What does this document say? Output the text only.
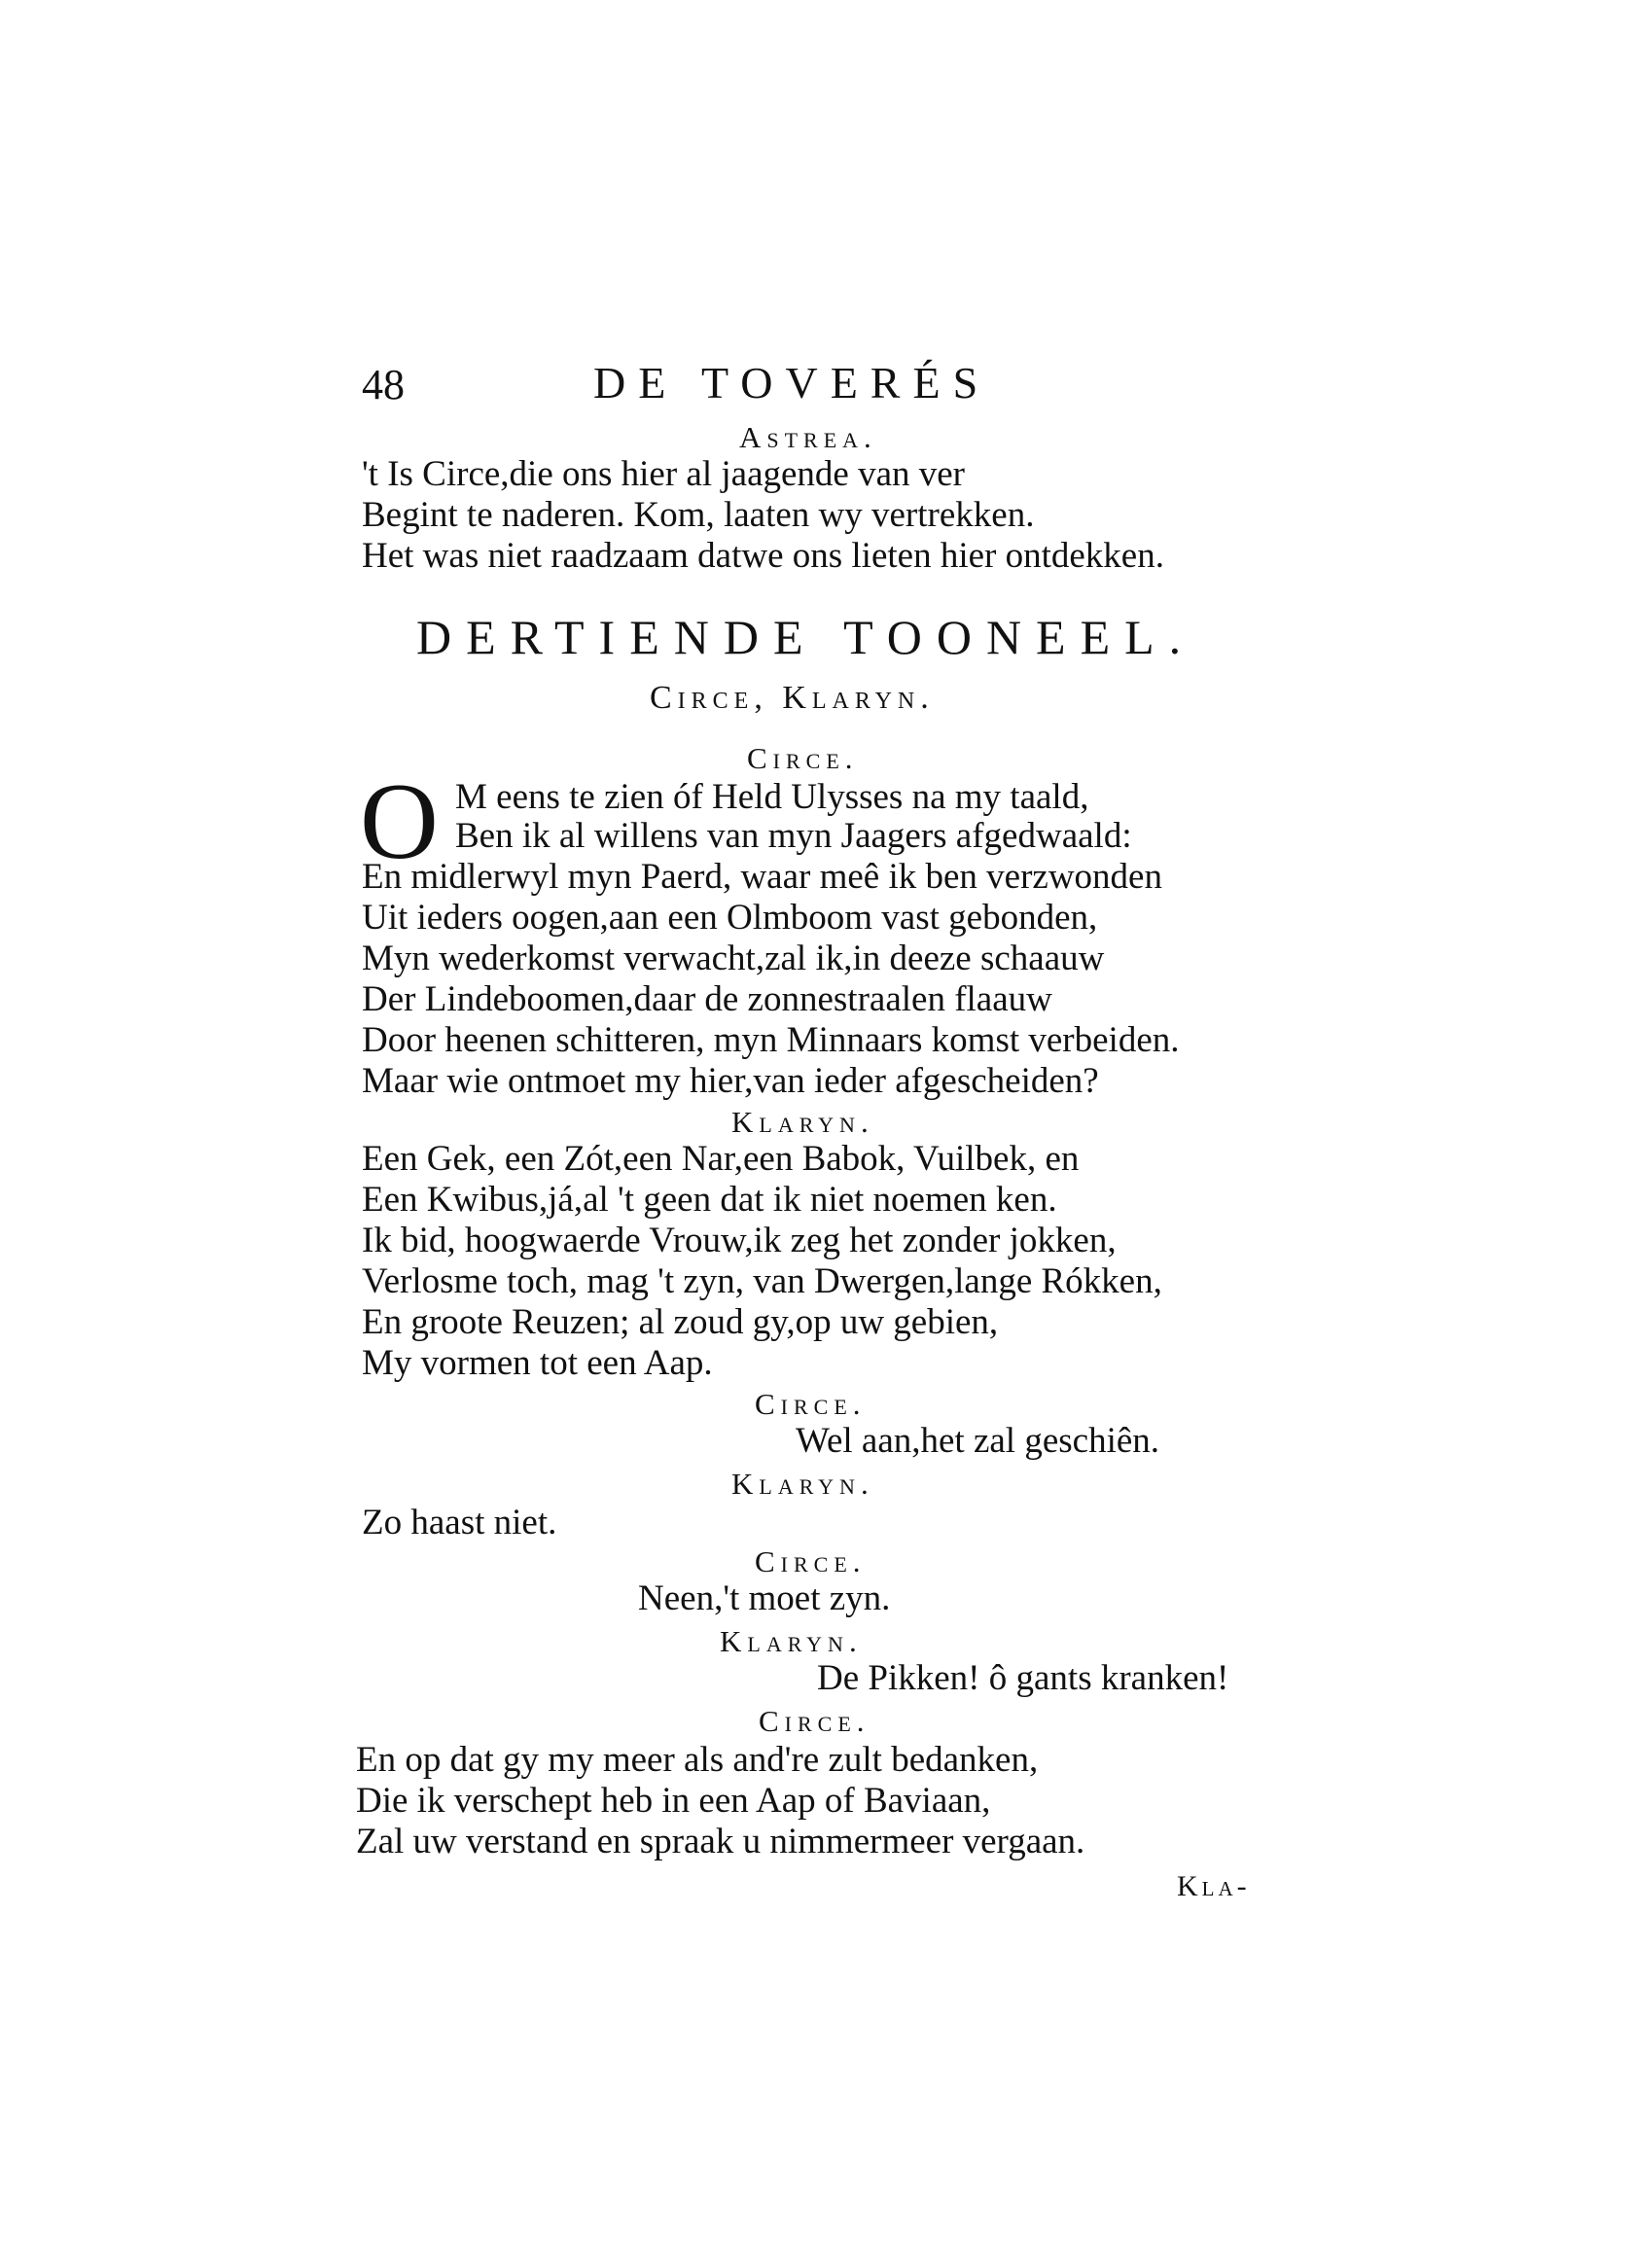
48	DE TOVERÉS
Astrea.
't Is Circe,die ons hier al jaagende van ver
Begint te naderen. Kom, laaten wy vertrekken.
Het was niet raadzaam datwe ons lieten hier ontdekken.
DERTIENDE TOONEEL.
Circe, Klaryn.
Circe.
O M eens te zien óf Held Ulysses na my taald,
Ben ik al willens van myn Jaagers afgedwaald:
En midlerwyl myn Paerd, waar meê ik ben verzwonden
Uit ieders oogen,aan een Olmboom vast gebonden,
Myn wederkomst verwacht,zal ik,in deeze schaauw
Der Lindeboomen,daar de zonnestraalen flaauw
Door heenen schitteren, myn Minnaars komst verbeiden.
Maar wie ontmoet my hier,van ieder afgescheiden?
Klaryn.
Een Gek, een Zót,een Nar,een Babok, Vuilbek, en
Een Kwibus,já,al 't geen dat ik niet noemen ken.
Ik bid, hoogwaerde Vrouw,ik zeg het zonder jokken,
Verlosme toch, mag 't zyn, van Dwergen,lange Rókken,
En groote Reuzen; al zoud gy,op uw gebien,
My vormen tot een Aap.
Circe.
Wel aan,het zal geschiên.
Klaryn.
Zo haast niet.
Circe.
Neen,'t moet zyn.
Klaryn.
De Pikken! ô gants kranken!
Circe.
En op dat gy my meer als and're zult bedanken,
Die ik verschept heb in een Aap of Baviaan,
Zal uw verstand en spraak u nimmermeer vergaan.
Kla-
